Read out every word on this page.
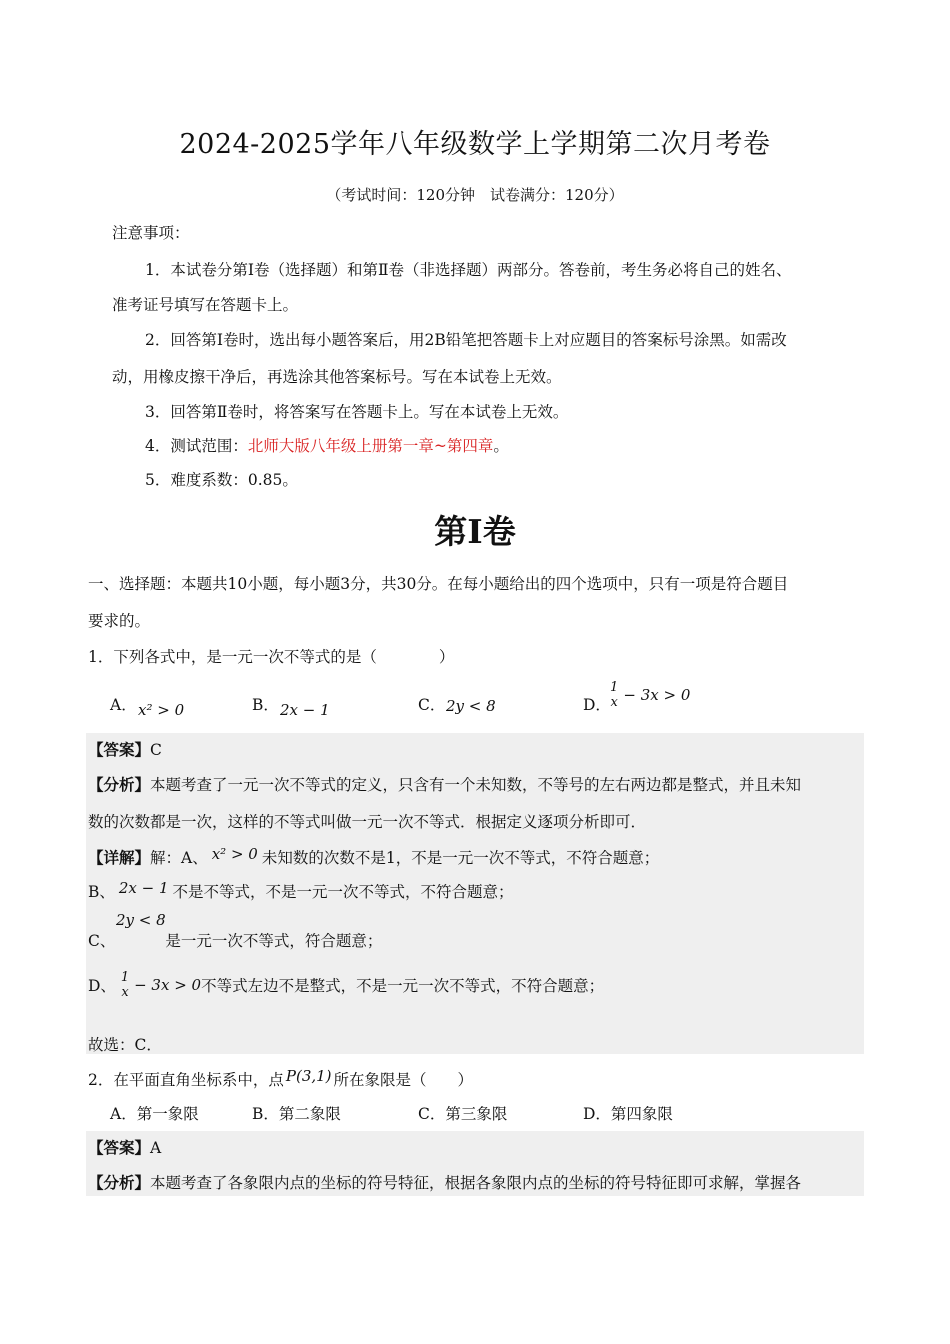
2024-2025学年八年级数学上学期第二次月考卷
（考试时间：120分钟　试卷满分：120分）
注意事项：
1．本试卷分第Ⅰ卷（选择题）和第Ⅱ卷（非选择题）两部分。答卷前，考生务必将自己的姓名、
准考证号填写在答题卡上。
2．回答第Ⅰ卷时，选出每小题答案后，用2B铅笔把答题卡上对应题目的答案标号涂黑。如需改
动，用橡皮擦干净后，再选涂其他答案标号。写在本试卷上无效。
3．回答第Ⅱ卷时，将答案写在答题卡上。写在本试卷上无效。
4．测试范围：北师大版八年级上册第一章~第四章。
5．难度系数：0.85。
第Ⅰ卷
一、选择题：本题共10小题，每小题3分，共30分。在每小题给出的四个选项中，只有一项是符合题目
要求的。
1．下列各式中，是一元一次不等式的是（　　　　）
A． x² > 0	B． 2x − 1	C． 2y < 8	D．
1
x − 3x > 0
【答案】C
【分析】本题考查了一元一次不等式的定义，只含有一个未知数，不等号的左右两边都是整式，并且未知
数的次数都是一次，这样的不等式叫做一元一次不等式．根据定义逐项分析即可．
【详解】解：A、 x² > 0 未知数的次数不是1，不是一元一次不等式，不符合题意；
B、 2x − 1 不是不等式，不是一元一次不等式，不符合题意；
2y < 8
C、	是一元一次不等式，符合题意；
D、 1
x − 3x > 0不等式左边不是整式，不是一元一次不等式，不符合题意；
故选：C．
2．在平面直角坐标系中，点 P(3,1) 所在象限是（　　）
A．第一象限	B．第二象限	C．第三象限	D．第四象限
【答案】A
【分析】本题考查了各象限内点的坐标的符号特征，根据各象限内点的坐标的符号特征即可求解，掌握各
